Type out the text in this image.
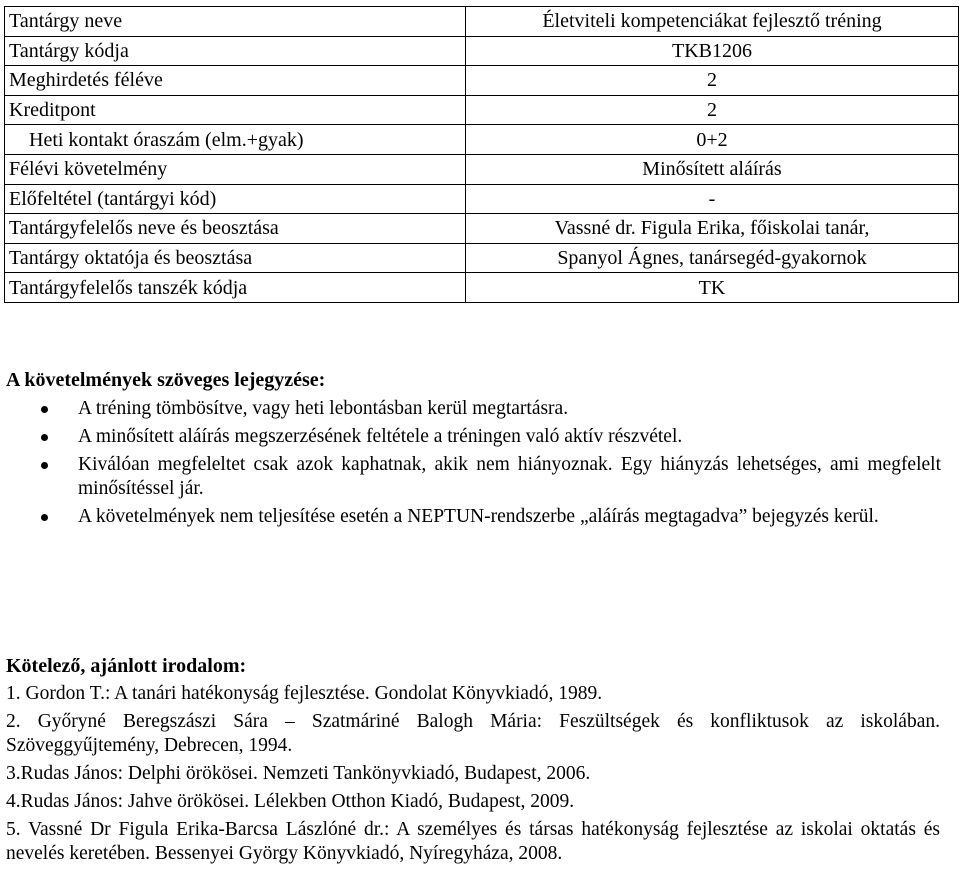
Tantárgy neve	Életviteli kompetenciákat fejlesztő tréning
Tantárgy kódja	TKB1206
Meghirdetés féléve	2
Kreditpont	2
Heti kontakt óraszám (elm.+gyak)	0+2
Félévi követelmény	Minősített aláírás
Előfeltétel (tantárgyi kód)	-
Tantárgyfelelős neve és beosztása	Vassné dr. Figula Erika, főiskolai tanár,
Tantárgy oktatója és beosztása	Spanyol Ágnes, tanársegéd-gyakornok
Tantárgyfelelős tanszék kódja	TK
A követelmények szöveges lejegyzése:
A tréning tömbösítve, vagy heti lebontásban kerül megtartásra.
A minősített aláírás megszerzésének feltétele a tréningen való aktív részvétel.
Kiválóan megfeleltet csak azok kaphatnak, akik nem hiányoznak. Egy hiányzás lehetséges, ami megfelelt minősítéssel jár.
A követelmények nem teljesítése esetén a NEPTUN-rendszerbe „aláírás megtagadva” bejegyzés kerül.
Kötelező, ajánlott irodalom:

1. Gordon T.: A tanári hatékonyság fejlesztése. Gondolat Könyvkiadó, 1989.

2. Győryné Beregszászi Sára – Szatmáriné Balogh Mária: Feszültségek és konfliktusok az iskolában. Szöveggyűjtemény, Debrecen, 1994.

3.Rudas János: Delphi örökösei. Nemzeti Tankönyvkiadó, Budapest, 2006.

4.Rudas János: Jahve örökösei. Lélekben Otthon Kiadó, Budapest, 2009.

5. Vassné Dr Figula Erika-Barcsa Lászlóné dr.: A személyes és társas hatékonyság fejlesztése az iskolai oktatás és nevelés keretében. Bessenyei György Könyvkiadó, Nyíregyháza, 2008.
